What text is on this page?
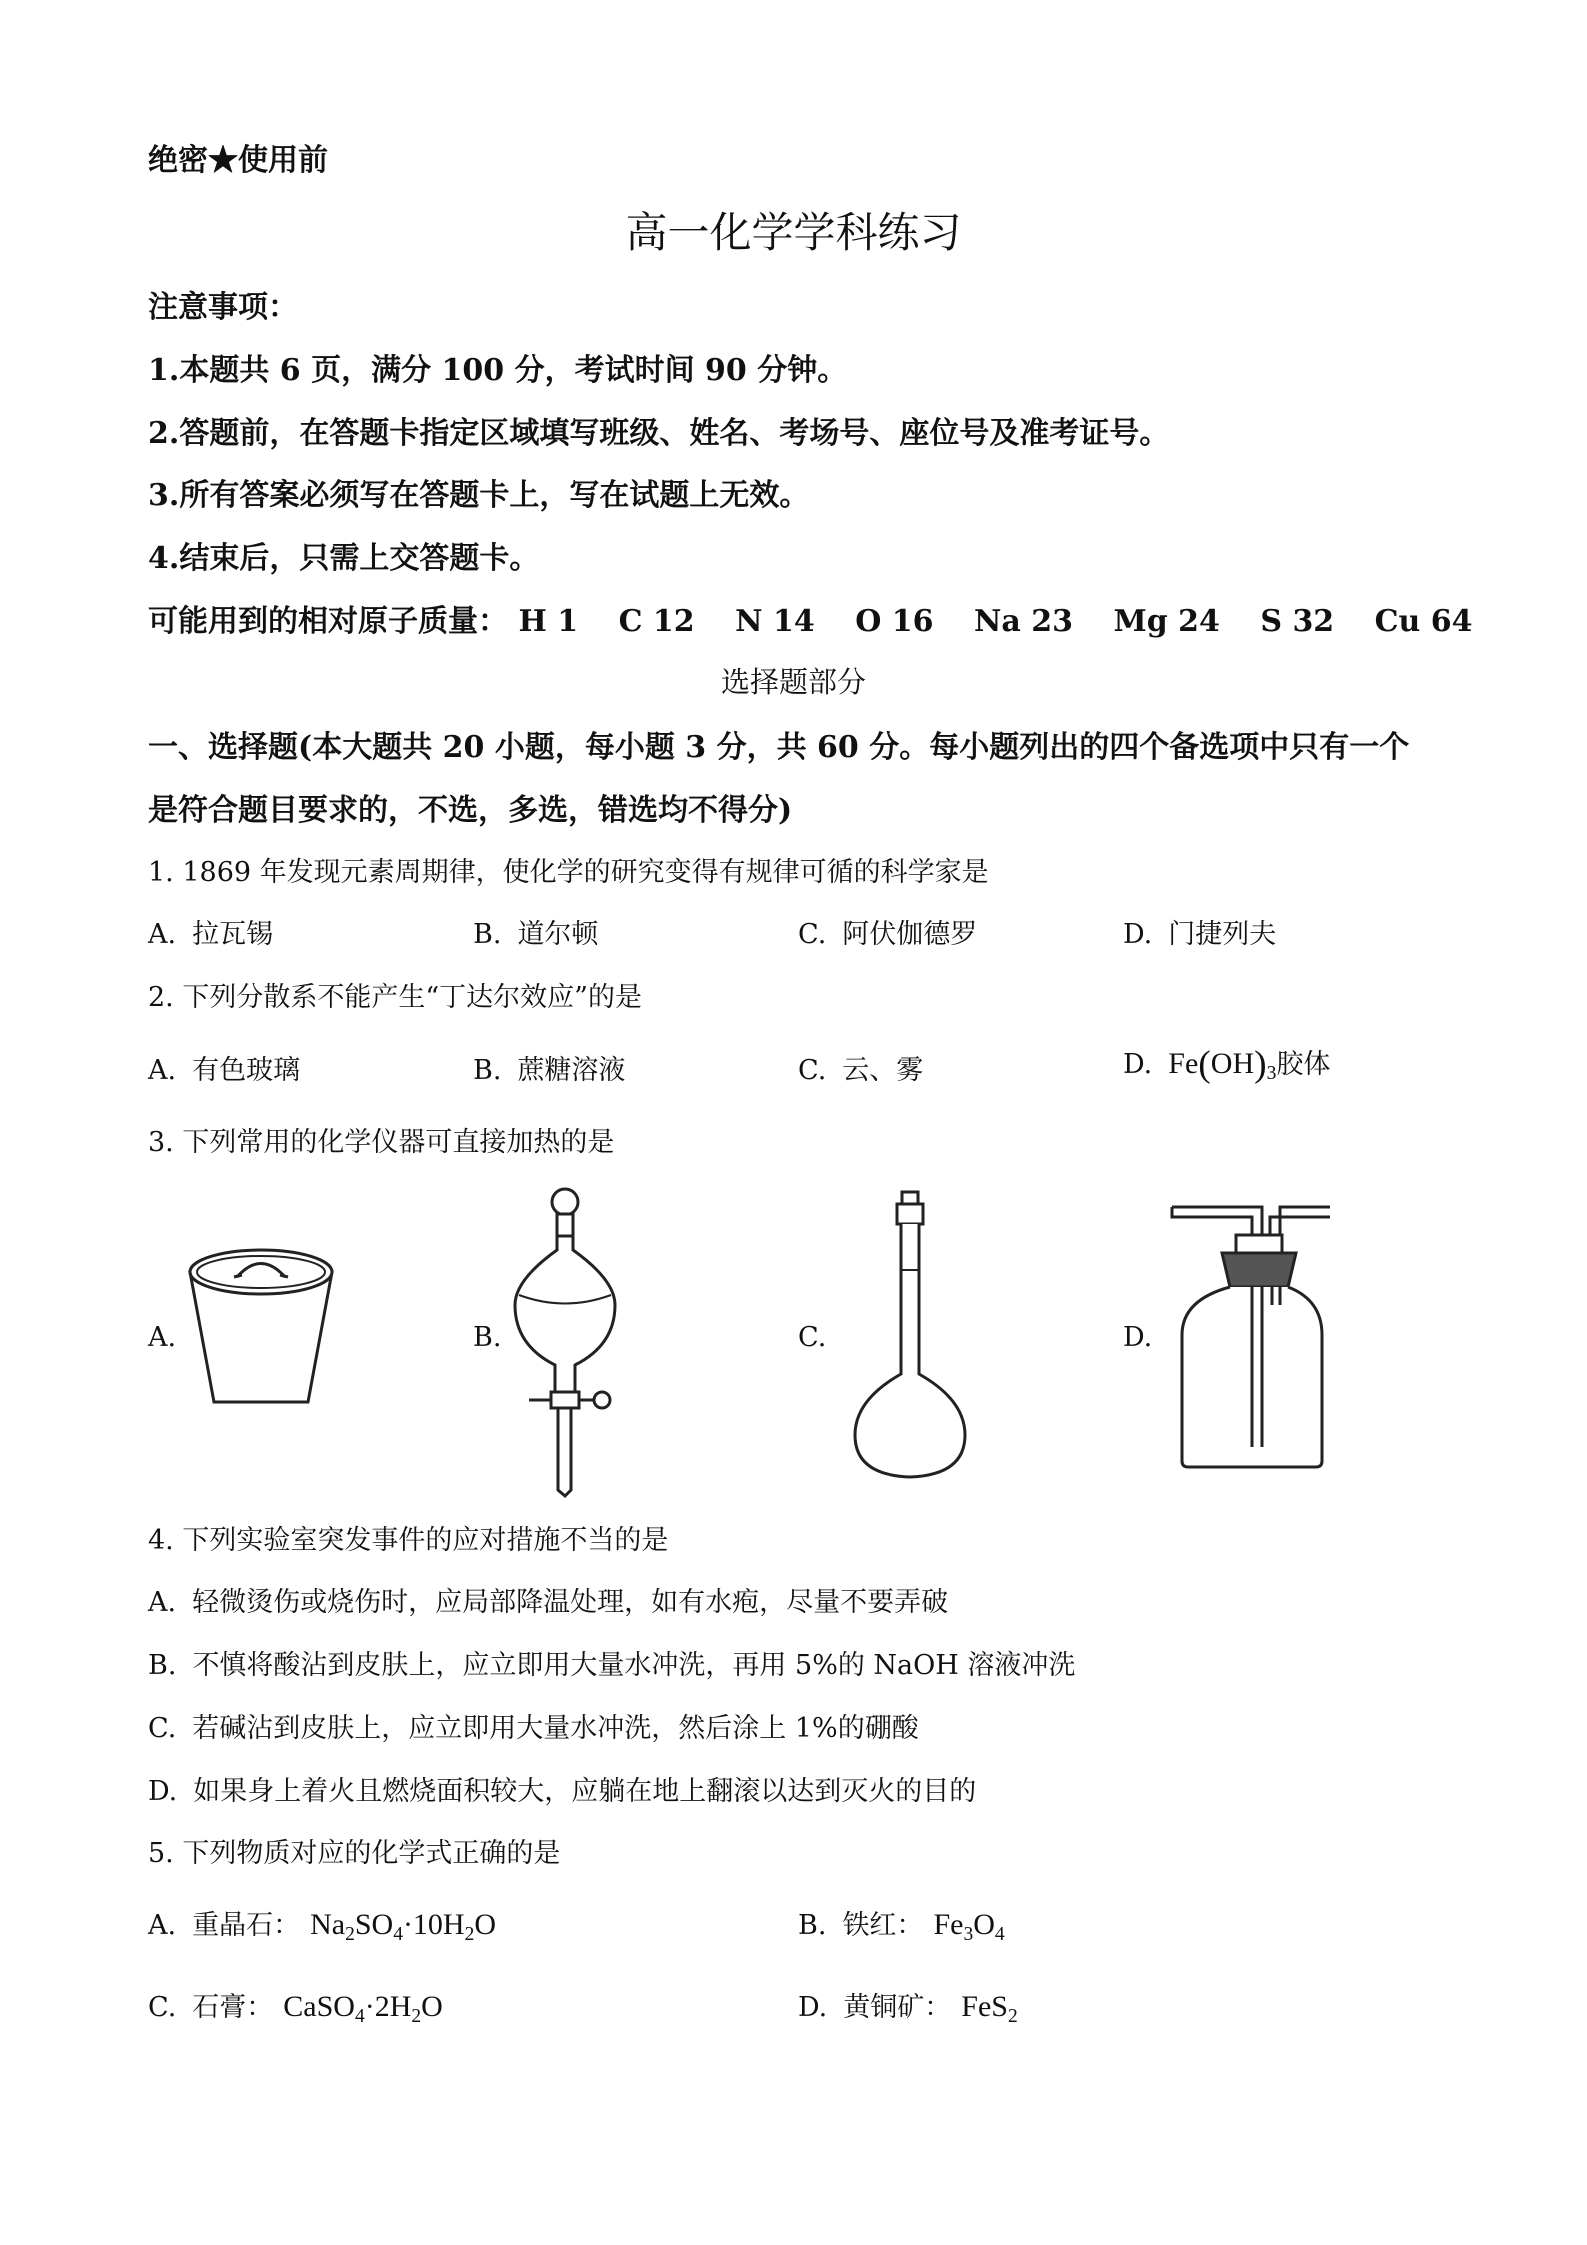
绝密★使用前
高一化学学科练习
注意事项：
1.本题共 6 页，满分 100 分，考试时间 90 分钟。
2.答题前，在答题卡指定区域填写班级、姓名、考场号、座位号及准考证号。
3.所有答案必须写在答题卡上，写在试题上无效。
4.结束后，只需上交答题卡。
可能用到的相对原子质量： H 1 C 12 N 14 O 16 Na 23 Mg 24 S 32 Cu 64
选择题部分
一、选择题(本大题共 20 小题，每小题 3 分，共 60 分。每小题列出的四个备选项中只有一个
是符合题目要求的，不选，多选，错选均不得分)
1. 1869 年发现元素周期律，使化学的研究变得有规律可循的科学家是
A. 拉瓦锡	B. 道尔顿	C. 阿伏伽德罗	D. 门捷列夫
2. 下列分散系不能产生“丁达尔效应”的是
A. 有色玻璃	B. 蔗糖溶液	C. 云、雾	D. $Fe(OH)_3$胶体
3. 下列常用的化学仪器可直接加热的是
A.	B.	C.	D.
4. 下列实验室突发事件的应对措施不当的是
A. 轻微烫伤或烧伤时，应局部降温处理，如有水疱，尽量不要弄破
B. 不慎将酸沾到皮肤上，应立即用大量水冲洗，再用 5%的 NaOH 溶液冲洗
C. 若碱沾到皮肤上，应立即用大量水冲洗，然后涂上 1%的硼酸
D. 如果身上着火且燃烧面积较大，应躺在地上翻滚以达到灭火的目的
5. 下列物质对应的化学式正确的是
A. 重晶石： $Na_2SO_4\cdot 10H_2O$	B. 铁红： $Fe_3O_4$
C. 石膏： $CaSO_4\cdot 2H_2O$	D. 黄铜矿： FeS$_2$
